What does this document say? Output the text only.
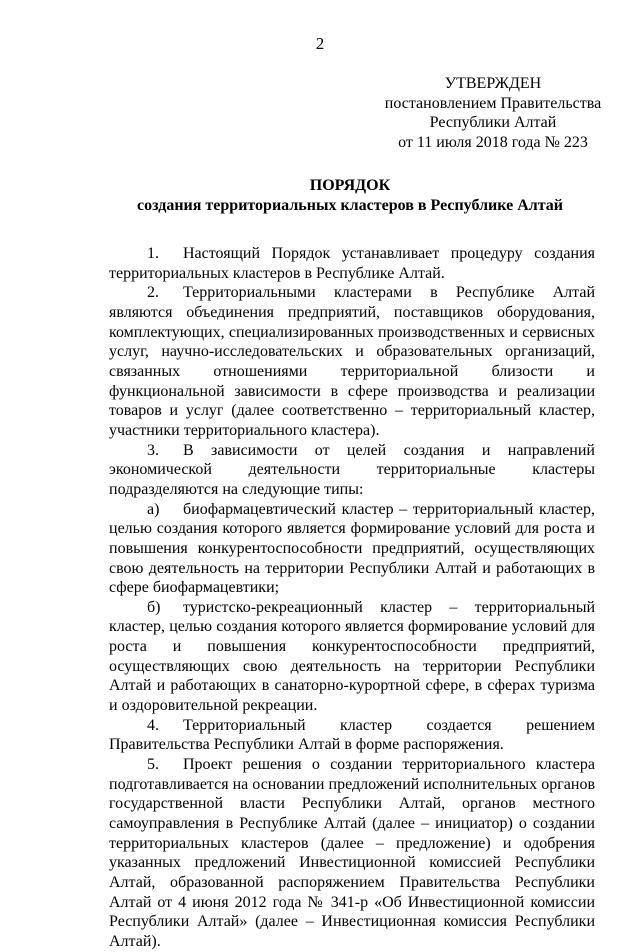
2
УТВЕРЖДЕН
постановлением Правительства
Республики Алтай
от 11 июля 2018 года № 223
ПОРЯДОК
создания территориальных кластеров в Республике Алтай

1. Настоящий Порядок устанавливает процедуру создания территориальных кластеров в Республике Алтай.

2. Территориальными кластерами в Республике Алтай являются объединения предприятий, поставщиков оборудования, комплектующих, специализированных производственных и сервисных услуг, научно-исследовательских и образовательных организаций, связанных отношениями территориальной близости и функциональной зависимости в сфере производства и реализации товаров и услуг (далее соответственно – территориальный кластер, участники территориального кластера).

3. В зависимости от целей создания и направлений экономической деятельности территориальные кластеры подразделяются на следующие типы:

а) биофармацевтический кластер – территориальный кластер, целью создания которого является формирование условий для роста и повышения конкурентоспособности предприятий, осуществляющих свою деятельность на территории Республики Алтай и работающих в сфере биофармацевтики;

б) туристско-рекреационный кластер – территориальный кластер, целью создания которого является формирование условий для роста и повышения конкурентоспособности предприятий, осуществляющих свою деятельность на территории Республики Алтай и работающих в санаторно-курортной сфере, в сферах туризма и оздоровительной рекреации.

4. Территориальный кластер создается решением Правительства Республики Алтай в форме распоряжения.

5. Проект решения о создании территориального кластера подготавливается на основании предложений исполнительных органов государственной власти Республики Алтай, органов местного самоуправления в Республике Алтай (далее – инициатор) о создании территориальных кластеров (далее – предложение) и одобрения указанных предложений Инвестиционной комиссией Республики Алтай, образованной распоряжением Правительства Республики Алтай от 4 июня 2012 года № 341-р «Об Инвестиционной комиссии Республики Алтай» (далее – Инвестиционная комиссия Республики Алтай).
